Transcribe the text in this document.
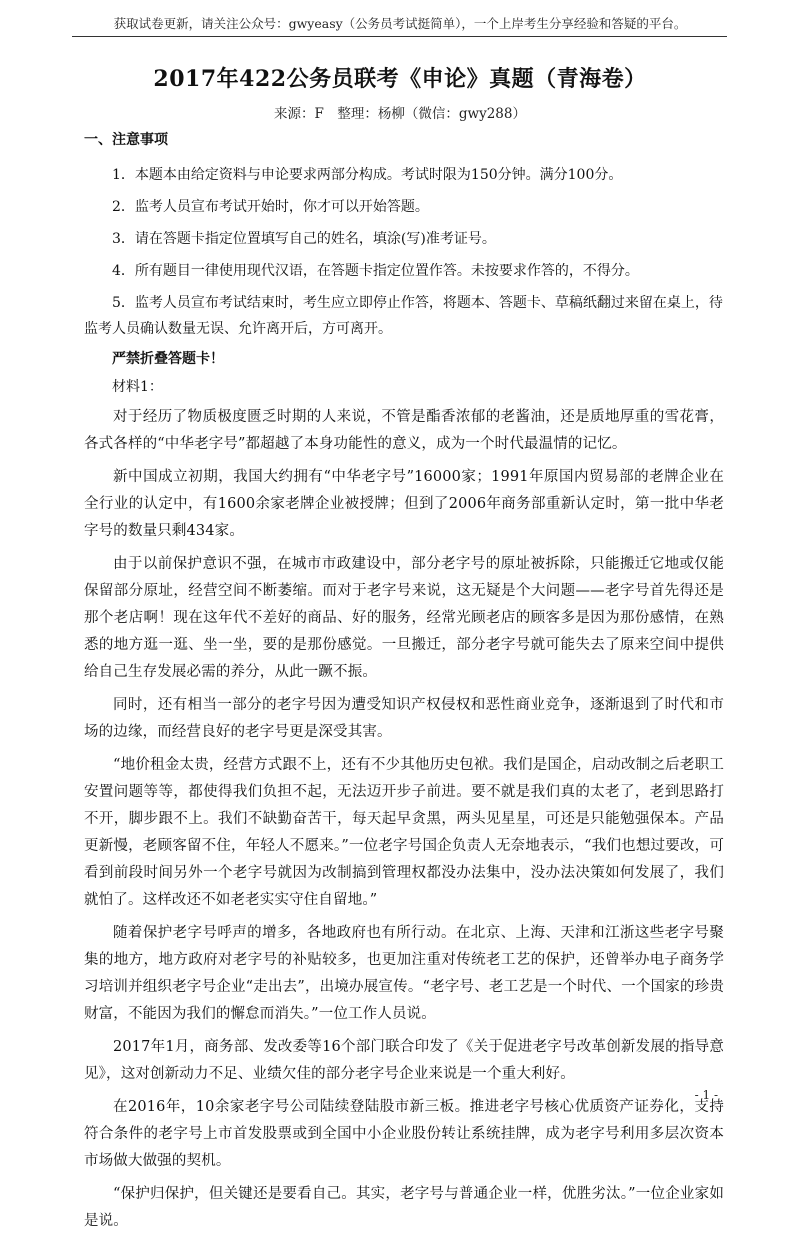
获取试卷更新，请关注公众号：gwyeasy（公务员考试挺简单），一个上岸考生分享经验和答疑的平台。
2017年422公务员联考《申论》真题（青海卷）
来源：F　整理：杨柳（微信：gwy288）
一、注意事项

1．本题本由给定资料与申论要求两部分构成。考试时限为150分钟。满分100分。

2．监考人员宣布考试开始时，你才可以开始答题。

3．请在答题卡指定位置填写自己的姓名，填涂(写)准考证号。

4．所有题目一律使用现代汉语，在答题卡指定位置作答。未按要求作答的，不得分。

5．监考人员宣布考试结束时，考生应立即停止作答，将题本、答题卡、草稿纸翻过来留在桌上，待监考人员确认数量无误、允许离开后，方可离开。

严禁折叠答题卡！

材料1：

对于经历了物质极度匮乏时期的人来说，不管是酯香浓郁的老酱油，还是质地厚重的雪花膏，各式各样的“中华老字号”都超越了本身功能性的意义，成为一个时代最温情的记忆。

新中国成立初期，我国大约拥有“中华老字号”16000家；1991年原国内贸易部的老牌企业在全行业的认定中，有1600余家老牌企业被授牌；但到了2006年商务部重新认定时，第一批中华老字号的数量只剩434家。

由于以前保护意识不强，在城市市政建设中，部分老字号的原址被拆除，只能搬迁它地或仅能保留部分原址，经营空间不断萎缩。而对于老字号来说，这无疑是个大问题——老字号首先得还是那个老店啊！现在这年代不差好的商品、好的服务，经常光顾老店的顾客多是因为那份感情，在熟悉的地方逛一逛、坐一坐，要的是那份感觉。一旦搬迁，部分老字号就可能失去了原来空间中提供给自己生存发展必需的养分，从此一蹶不振。

同时，还有相当一部分的老字号因为遭受知识产权侵权和恶性商业竞争，逐渐退到了时代和市场的边缘，而经营良好的老字号更是深受其害。

“地价租金太贵，经营方式跟不上，还有不少其他历史包袱。我们是国企，启动改制之后老职工安置问题等等，都使得我们负担不起，无法迈开步子前进。要不就是我们真的太老了，老到思路打不开，脚步跟不上。我们不缺勤奋苦干，每天起早贪黑，两头见星星，可还是只能勉强保本。产品更新慢，老顾客留不住，年轻人不愿来。”一位老字号国企负责人无奈地表示，“我们也想过要改，可看到前段时间另外一个老字号就因为改制搞到管理权都没办法集中，没办法决策如何发展了，我们就怕了。这样改还不如老老实实守住自留地。”

随着保护老字号呼声的增多，各地政府也有所行动。在北京、上海、天津和江浙这些老字号聚集的地方，地方政府对老字号的补贴较多，也更加注重对传统老工艺的保护，还曾举办电子商务学习培训并组织老字号企业“走出去”，出境办展宣传。“老字号、老工艺是一个时代、一个国家的珍贵财富，不能因为我们的懈怠而消失。”一位工作人员说。

2017年1月，商务部、发改委等16个部门联合印发了《关于促进老字号改革创新发展的指导意见》，这对创新动力不足、业绩欠佳的部分老字号企业来说是一个重大利好。

在2016年，10余家老字号公司陆续登陆股市新三板。推进老字号核心优质资产证券化，支持符合条件的老字号上市首发股票或到全国中小企业股份转让系统挂牌，成为老字号利用多层次资本市场做大做强的契机。

“保护归保护，但关键还是要看自己。其实，老字号与普通企业一样，优胜劣汰。”一位企业家如是说。

- 1 -
